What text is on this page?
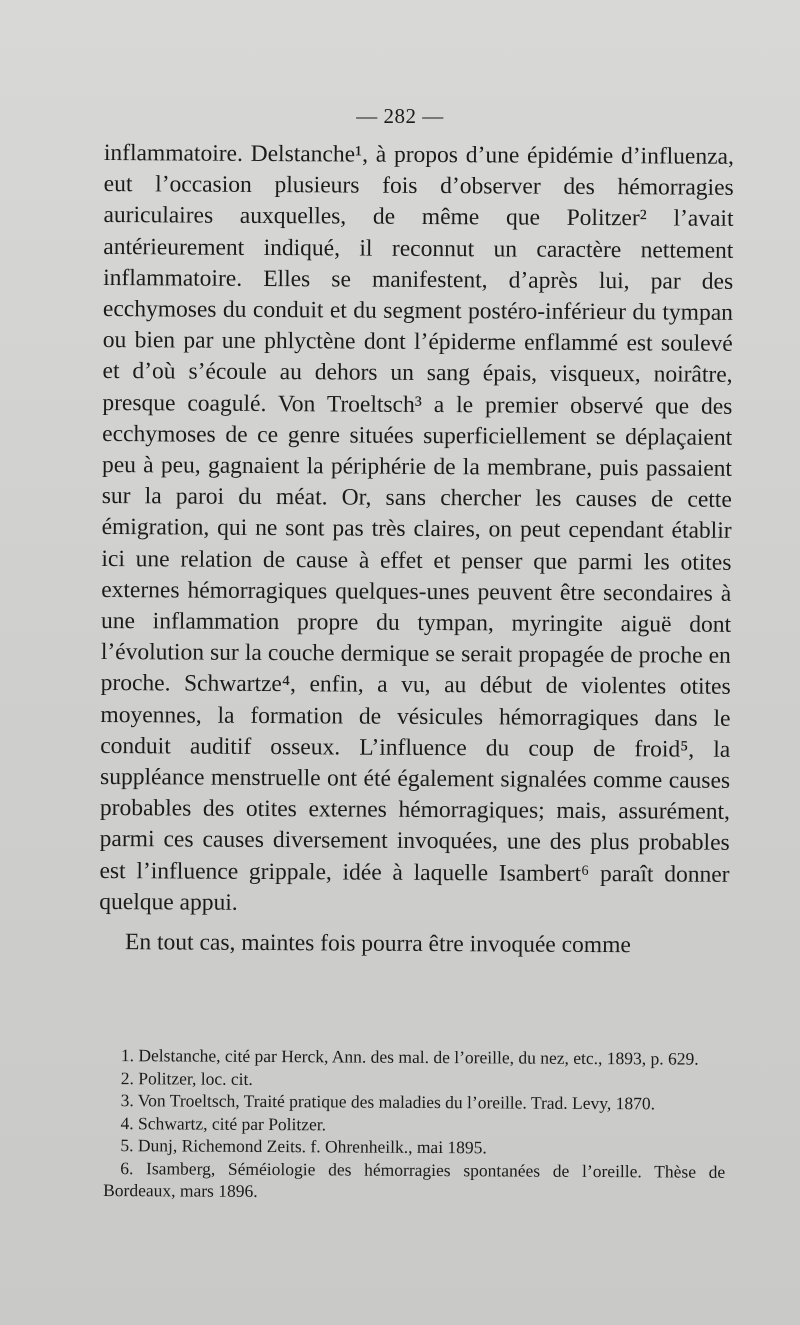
— 282 —

inflammatoire. Delstanche¹, à propos d’une épidémie d’influenza, eut l’occasion plusieurs fois d’observer des hémorragies auriculaires auxquelles, de même que Politzer² l’avait antérieurement indiqué, il reconnut un caractère nettement inflammatoire. Elles se manifestent, d’après lui, par des ecchymoses du conduit et du segment postéro-inférieur du tympan ou bien par une phlyctène dont l’épiderme enflammé est soulevé et d’où s’écoule au dehors un sang épais, visqueux, noirâtre, presque coagulé. Von Troeltsch³ a le premier observé que des ecchymoses de ce genre situées superficiellement se déplaçaient peu à peu, gagnaient la périphérie de la membrane, puis passaient sur la paroi du méat. Or, sans chercher les causes de cette émigration, qui ne sont pas très claires, on peut cependant établir ici une relation de cause à effet et penser que parmi les otites externes hémorragiques quelques-unes peuvent être secondaires à une inflammation propre du tympan, myringite aiguë dont l’évolution sur la couche dermique se serait propagée de proche en proche. Schwartze⁴, enfin, a vu, au début de violentes otites moyennes, la formation de vésicules hémorragiques dans le conduit auditif osseux. L’influence du coup de froid⁵, la suppléance menstruelle ont été également signalées comme causes probables des otites externes hémorragiques; mais, assurément, parmi ces causes diversement invoquées, une des plus probables est l’influence grippale, idée à laquelle Isambert⁶ paraît donner quelque appui.

En tout cas, maintes fois pourra être invoquée comme

1. Delstanche, cité par Herck, Ann. des mal. de l’oreille, du nez, etc., 1893, p. 629.

2. Politzer, loc. cit.

3. Von Troeltsch, Traité pratique des maladies du l’oreille. Trad. Levy, 1870.

4. Schwartz, cité par Politzer.

5. Dunj, Richemond Zeits. f. Ohrenheilk., mai 1895.

6. Isamberg, Séméiologie des hémorragies spontanées de l’oreille. Thèse de Bordeaux, mars 1896.
